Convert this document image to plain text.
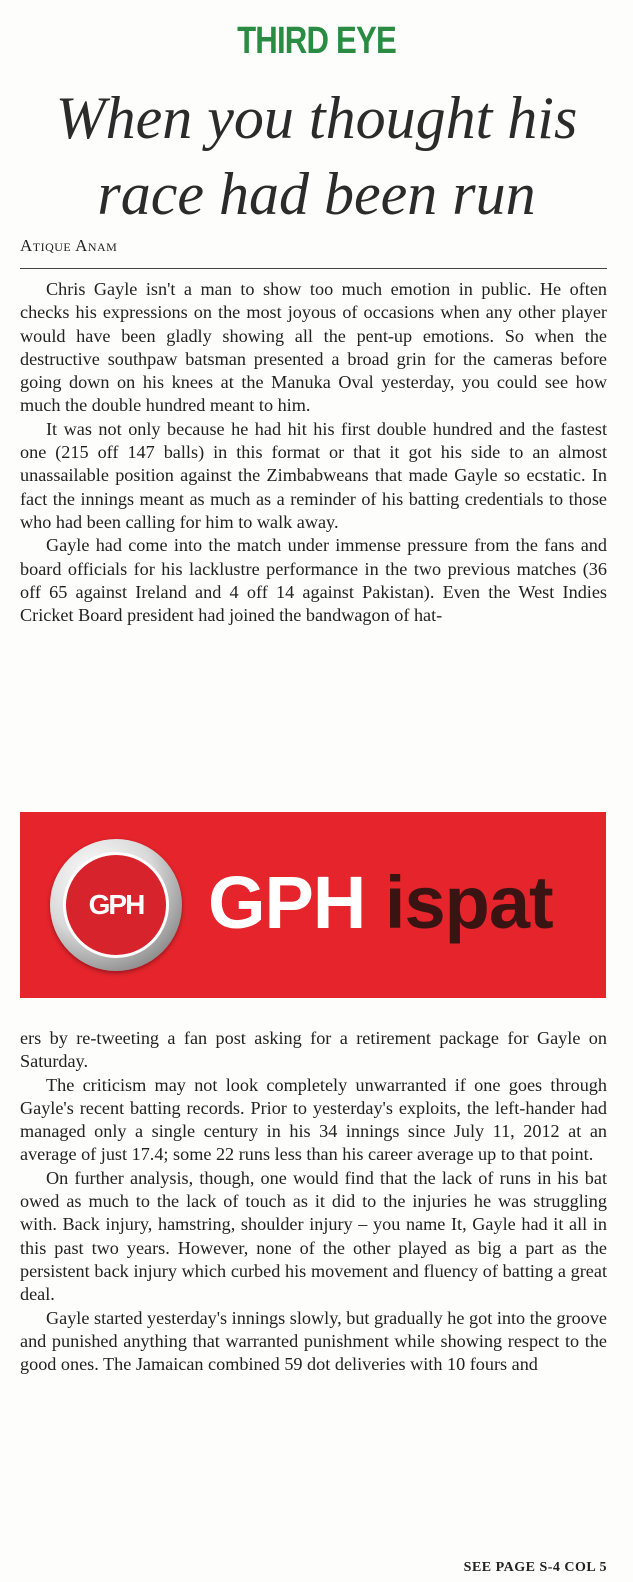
THIRD EYE
When you thought his
race had been run
Atique Anam

Chris Gayle isn't a man to show too much emotion in public. He often checks his expressions on the most joyous of occasions when any other player would have been gladly showing all the pent-up emotions. So when the destructive southpaw batsman presented a broad grin for the cameras before going down on his knees at the Manuka Oval yesterday, you could see how much the double hundred meant to him.

It was not only because he had hit his first double hundred and the fastest one (215 off 147 balls) in this format or that it got his side to an almost unassailable position against the Zimbabweans that made Gayle so ecstatic. In fact the innings meant as much as a reminder of his batting credentials to those who had been calling for him to walk away.

Gayle had come into the match under immense pressure from the fans and board officials for his lacklustre performance in the two previous matches (36 off 65 against Ireland and 4 off 14 against Pakistan). Even the West Indies Cricket Board president had joined the bandwagon of hat-

GPH GPH ispat

ers by re-tweeting a fan post asking for a retirement package for Gayle on Saturday.

The criticism may not look completely unwarranted if one goes through Gayle's recent batting records. Prior to yesterday's exploits, the left-hander had managed only a single century in his 34 innings since July 11, 2012 at an average of just 17.4; some 22 runs less than his career average up to that point.

On further analysis, though, one would find that the lack of runs in his bat owed as much to the lack of touch as it did to the injuries he was struggling with. Back injury, hamstring, shoulder injury – you name It, Gayle had it all in this past two years. However, none of the other played as big a part as the persistent back injury which curbed his movement and fluency of batting a great deal.

Gayle started yesterday's innings slowly, but gradually he got into the groove and punished anything that warranted punishment while showing respect to the good ones. The Jamaican combined 59 dot deliveries with 10 fours and

SEE PAGE S-4 COL 5
